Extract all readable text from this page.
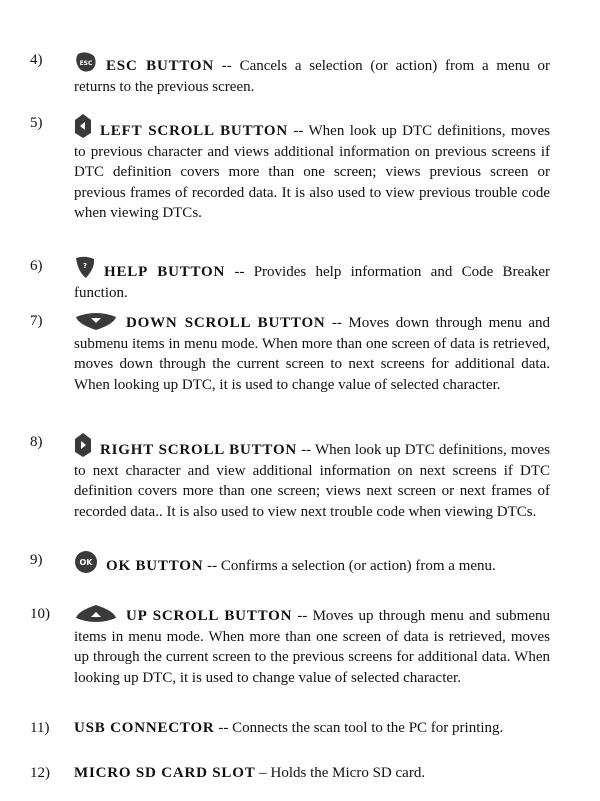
4)	ESC ESC BUTTON -- Cancels a selection (or action) from a menu or returns to the previous screen.
5)	LEFT SCROLL BUTTON -- When look up DTC definitions, moves to previous character and views additional information on previous screens if DTC definition covers more than one screen; views previous screen or previous frames of recorded data. It is also used to view previous trouble code when viewing DTCs.
6)	? HELP BUTTON -- Provides help information and Code Breaker function.
7)	DOWN SCROLL BUTTON -- Moves down through menu and submenu items in menu mode. When more than one screen of data is retrieved, moves down through the current screen to next screens for additional data. When looking up DTC, it is used to change value of selected character.
8)	RIGHT SCROLL BUTTON -- When look up DTC definitions, moves to next character and view additional information on next screens if DTC definition covers more than one screen; views next screen or next frames of recorded data.. It is also used to view next trouble code when viewing DTCs.
9)	OK OK BUTTON -- Confirms a selection (or action) from a menu.
10)	UP SCROLL BUTTON -- Moves up through menu and submenu items in menu mode. When more than one screen of data is retrieved, moves up through the current screen to the previous screens for additional data. When looking up DTC, it is used to change value of selected character.
11) USB CONNECTOR -- Connects the scan tool to the PC for printing.
12) MICRO SD CARD SLOT – Holds the Micro SD card.
